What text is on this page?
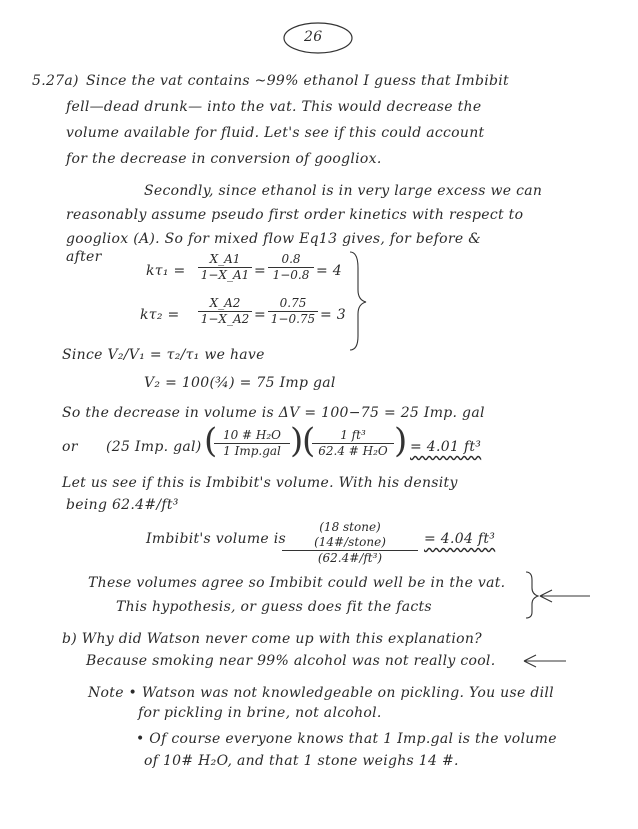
26
5.27a) Since the vat contains ~99% ethanol I guess that Imbibit
fell—dead drunk— into the vat. This would decrease the
volume available for fluid. Let's see if this could account
for the decrease in conversion of googliox.
Secondly, since ethanol is in very large excess we can
reasonably assume pseudo first order kinetics with respect to
googliox (A). So for mixed flow Eq13 gives, for before &
after
$k\tau_1 = \frac{X\_A1}{1-X\_A1} = \frac{0.8}{1-0.8} = 4$
$k\tau_2 = \frac{X\_A2}{1-X\_A2} = \frac{0.75}{1-0.75} = 3$
Since V₂/V₁ = τ₂/τ₁ we have
V₂ = 100(¾) = 75 Imp gal
So the decrease in volume is ΔV = 100−75 = 25 Imp. gal
or (25 Imp. gal) ( 10 # H₂O
1 Imp.gal )
(
$\frac{\text{1 ft³}}{\text{62.4 \# H₂O}}$ ) = 4.01 ft³
Let us see if this is Imbibit's volume. With his density
being 62.4#/ft³
Imbibit's volume is
(18 stone)(14#/stone)
(62.4#/ft³)
= 4.04 ft³
These volumes agree so Imbibit could well be in the vat.
This hypothesis, or guess does fit the facts
b) Why did Watson never come up with this explanation?
Because smoking near 99% alcohol was not really cool.
Note • Watson was not knowledgeable on pickling. You use dill
for pickling in brine, not alcohol.
• Of course everyone knows that 1 Imp.gal is the volume
of 10# H₂O, and that 1 stone weighs 14 #.
